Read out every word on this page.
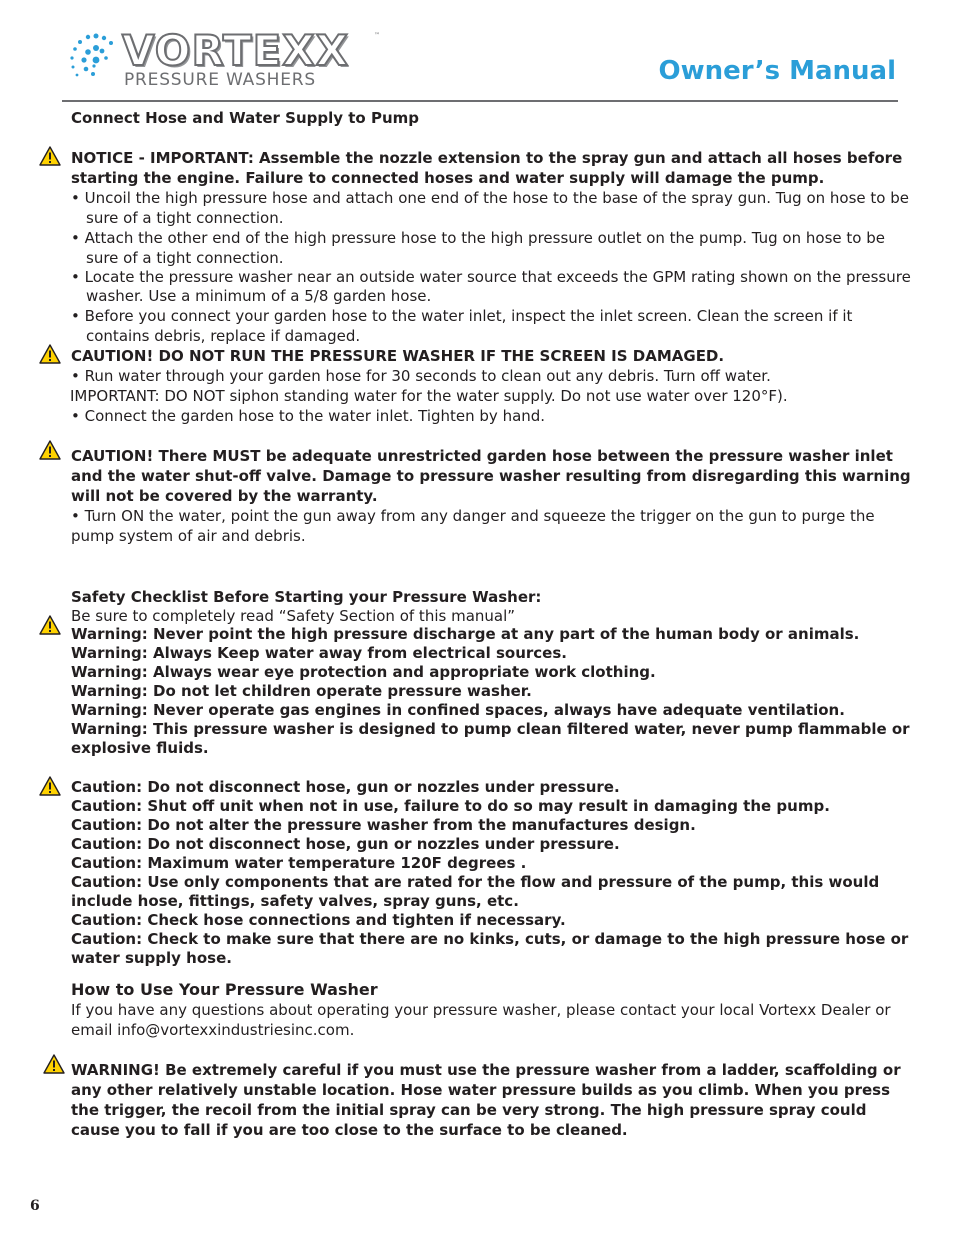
VORTEXX	™
PRESSURE WASHERS	Owner’s Manual

Connect Hose and Water Supply to Pump

NOTICE - IMPORTANT: Assemble the nozzle extension to the spray gun and attach all hoses before starting the engine. Failure to connected hoses and water supply will damage the pump.

• Uncoil the high pressure hose and attach one end of the hose to the base of the spray gun. Tug on hose to be sure of a tight connection.

• Attach the other end of the high pressure hose to the high pressure outlet on the pump. Tug on hose to be sure of a tight connection.

• Locate the pressure washer near an outside water source that exceeds the GPM rating shown on the pressure washer. Use a minimum of a 5/8 garden hose.

• Before you connect your garden hose to the water inlet, inspect the inlet screen. Clean the screen if it contains debris, replace if damaged.

CAUTION! DO NOT RUN THE PRESSURE WASHER IF THE SCREEN IS DAMAGED.

• Run water through your garden hose for 30 seconds to clean out any debris. Turn off water.

IMPORTANT: DO NOT siphon standing water for the water supply. Do not use water over 120°F).

• Connect the garden hose to the water inlet. Tighten by hand.

CAUTION! There MUST be adequate unrestricted garden hose between the pressure washer inlet and the water shut-off valve. Damage to pressure washer resulting from disregarding this warning will not be covered by the warranty.

• Turn ON the water, point the gun away from any danger and squeeze the trigger on the gun to purge the pump system of air and debris.

Safety Checklist Before Starting your Pressure Washer:

Be sure to completely read “Safety Section of this manual”

Warning: Never point the high pressure discharge at any part of the human body or animals.

Warning: Always Keep water away from electrical sources.

Warning: Always wear eye protection and appropriate work clothing.

Warning: Do not let children operate pressure washer.

Warning: Never operate gas engines in confined spaces, always have adequate ventilation.

Warning: This pressure washer is designed to pump clean filtered water, never pump flammable or explosive fluids.

Caution: Do not disconnect hose, gun or nozzles under pressure.

Caution: Shut off unit when not in use, failure to do so may result in damaging the pump.

Caution: Do not alter the pressure washer from the manufactures design.

Caution: Do not disconnect hose, gun or nozzles under pressure.

Caution: Maximum water temperature 120F degrees .

Caution: Use only components that are rated for the flow and pressure of the pump, this would include hose, fittings, safety valves, spray guns, etc.

Caution: Check hose connections and tighten if necessary.

Caution: Check to make sure that there are no kinks, cuts, or damage to the high pressure hose or water supply hose.

How to Use Your Pressure Washer

If you have any questions about operating your pressure washer, please contact your local Vortexx Dealer or email info@vortexxindustriesinc.com.

WARNING! Be extremely careful if you must use the pressure washer from a ladder, scaffolding or any other relatively unstable location. Hose water pressure builds as you climb. When you press the trigger, the recoil from the initial spray can be very strong. The high pressure spray could cause you to fall if you are too close to the surface to be cleaned.

6
